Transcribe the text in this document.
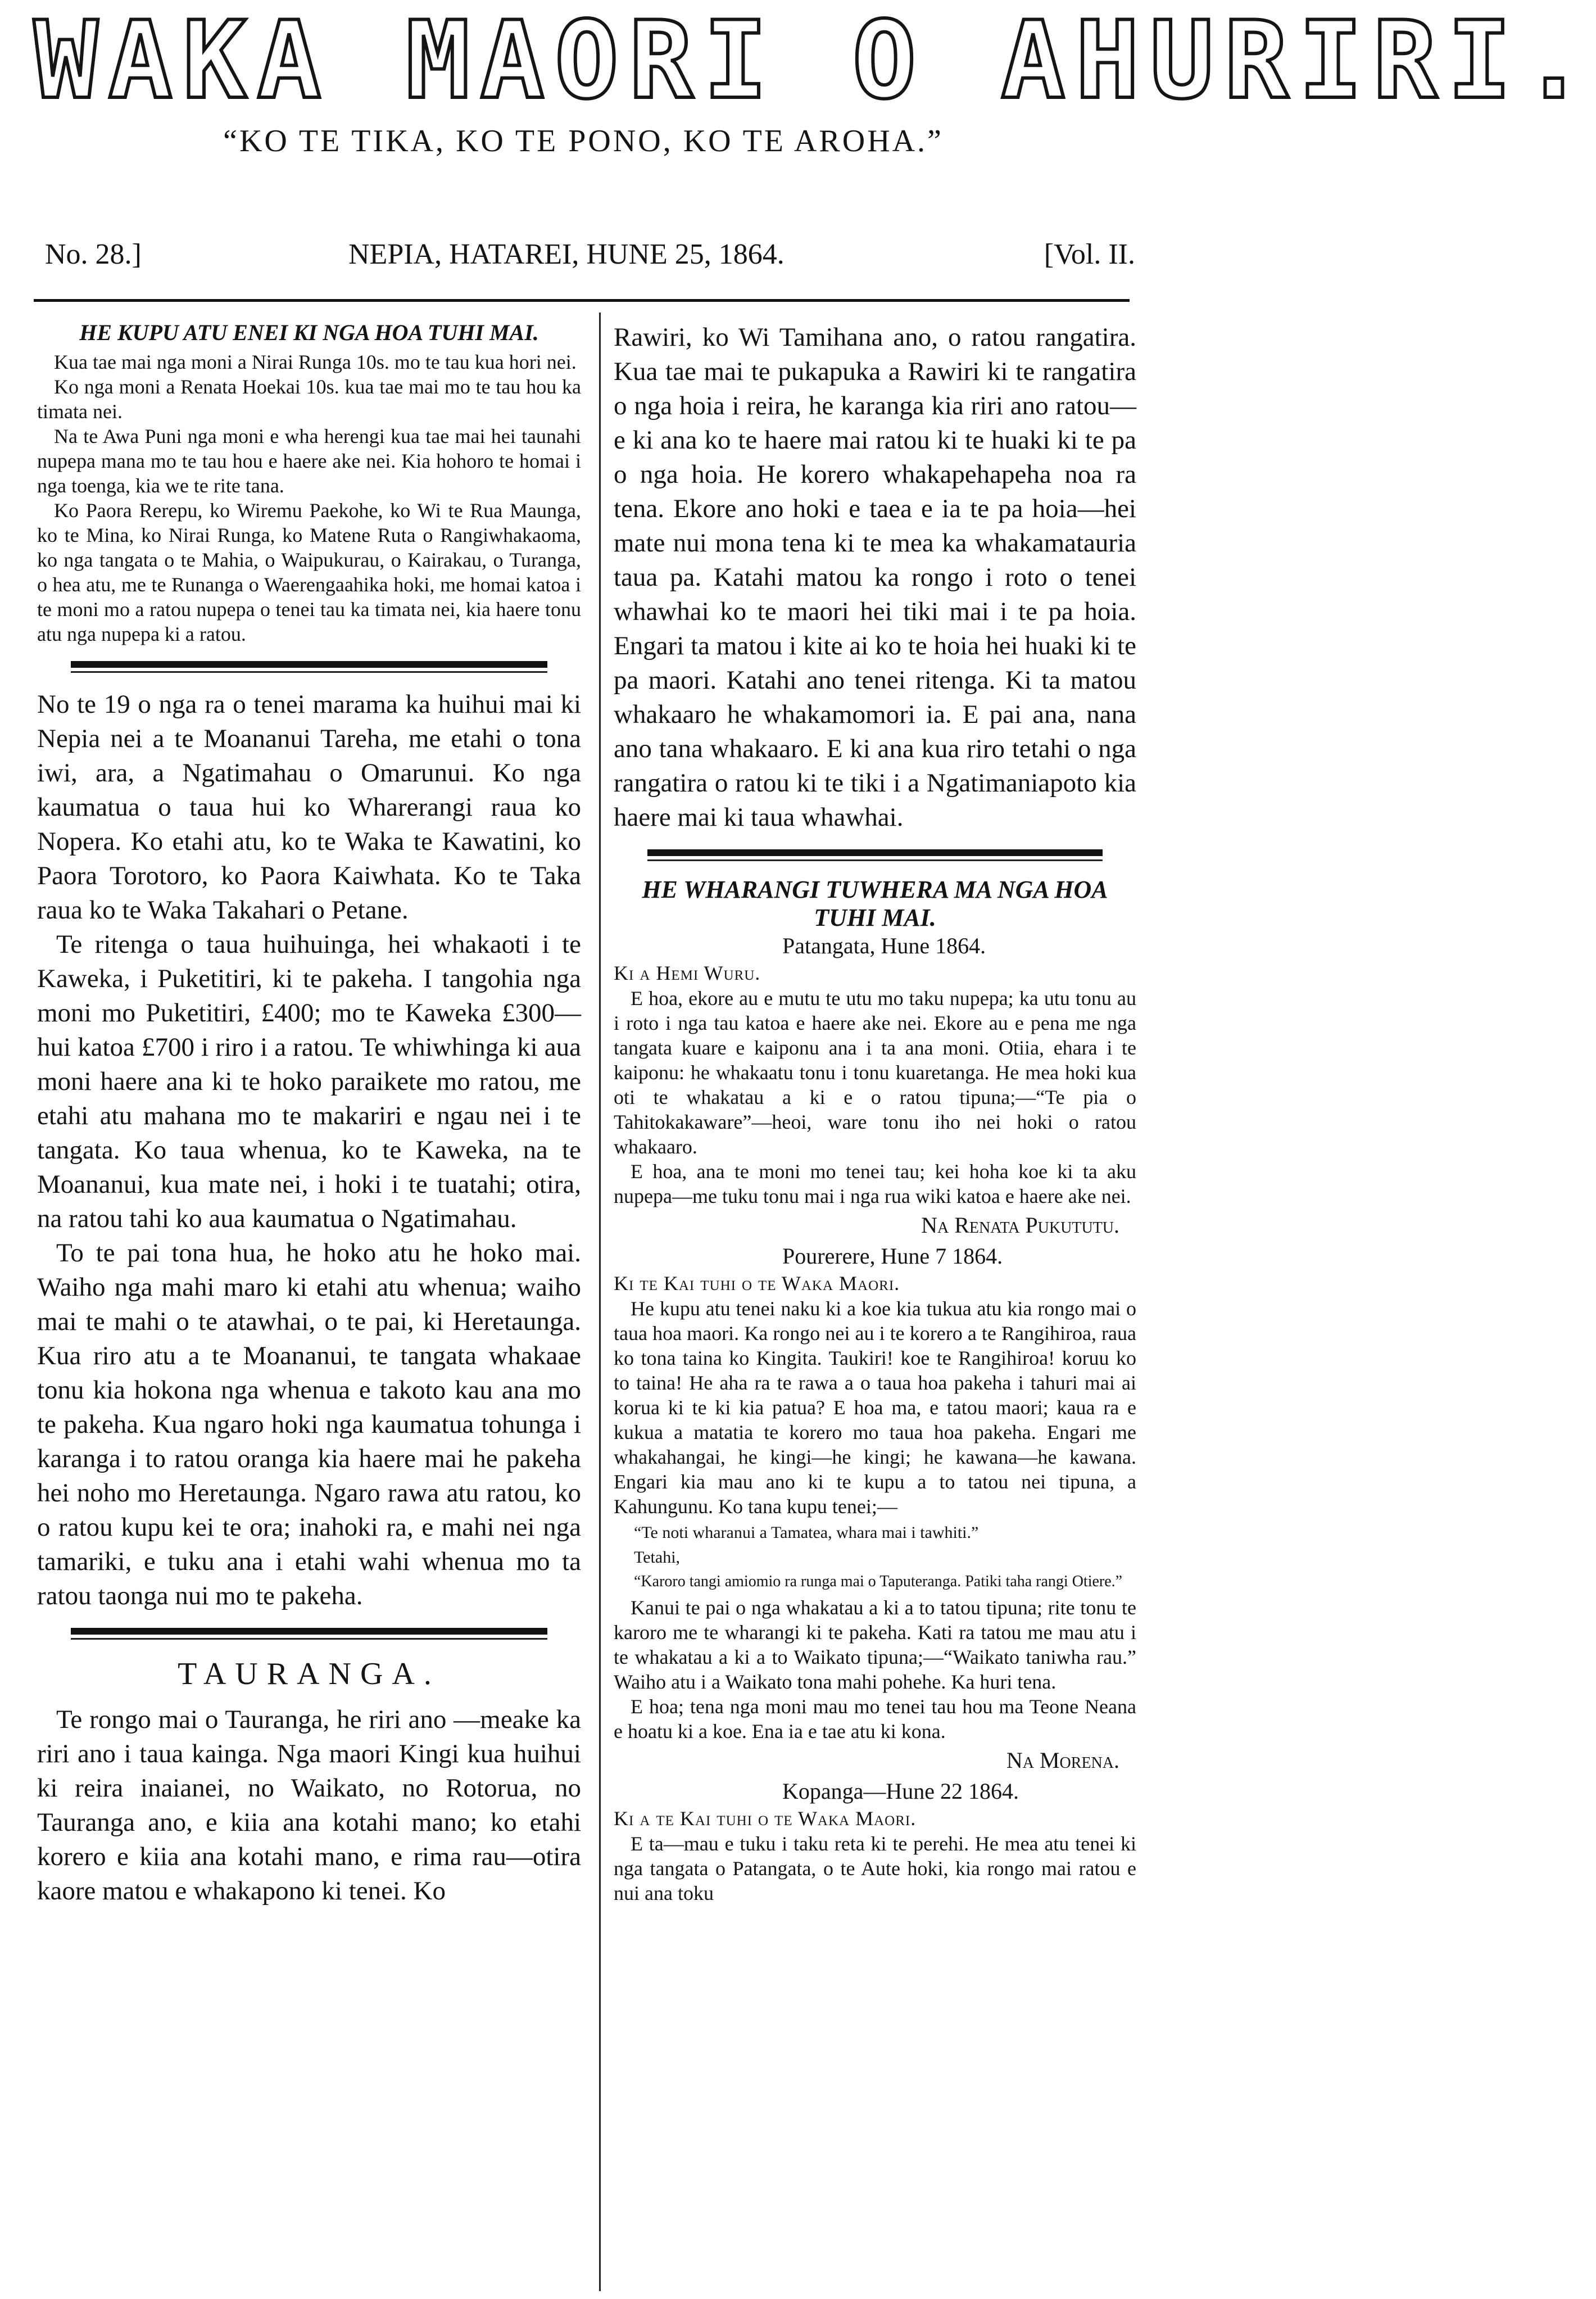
WAKA MAORI O AHURIRI.
“KO TE TIKA, KO TE PONO, KO TE AROHA.”
No. 28.]	NEPIA, HATAREI, HUNE 25, 1864.	[Vol. II.
HE KUPU ATU ENEI KI NGA HOA TUHI MAI.

Kua tae mai nga moni a Nirai Runga 10s. mo te tau kua hori nei.

Ko nga moni a Renata Hoekai 10s. kua tae mai mo te tau hou ka timata nei.

Na te Awa Puni nga moni e wha herengi kua tae mai hei taunahi nupepa mana mo te tau hou e haere ake nei. Kia hohoro te homai i nga toenga, kia we te rite tana.

Ko Paora Rerepu, ko Wiremu Paekohe, ko Wi te Rua Maunga, ko te Mina, ko Nirai Runga, ko Matene Ruta o Rangiwhakaoma, ko nga tangata o te Mahia, o Waipukurau, o Kairakau, o Turanga, o hea atu, me te Runanga o Waerengaahika hoki, me homai katoa i te moni mo a ratou nupepa o tenei tau ka timata nei, kia haere tonu atu nga nupepa ki a ratou.

No te 19 o nga ra o tenei marama ka huihui mai ki Nepia nei a te Moananui Tareha, me etahi o tona iwi, ara, a Ngatimahau o Omarunui. Ko nga kaumatua o taua hui ko Wharerangi raua ko Nopera. Ko etahi atu, ko te Waka te Kawatini, ko Paora Torotoro, ko Paora Kaiwhata. Ko te Taka raua ko te Waka Takahari o Petane.

Te ritenga o taua huihuinga, hei whakaoti i te Kaweka, i Puketitiri, ki te pakeha. I tangohia nga moni mo Puketitiri, £400; mo te Kaweka £300—hui katoa £700 i riro i a ratou. Te whiwhinga ki aua moni haere ana ki te hoko paraikete mo ratou, me etahi atu mahana mo te makariri e ngau nei i te tangata. Ko taua whenua, ko te Kaweka, na te Moananui, kua mate nei, i hoki i te tuatahi; otira, na ratou tahi ko aua kaumatua o Ngatimahau.

To te pai tona hua, he hoko atu he hoko mai. Waiho nga mahi maro ki etahi atu whenua; waiho mai te mahi o te atawhai, o te pai, ki Heretaunga. Kua riro atu a te Moananui, te tangata whakaae tonu kia hokona nga whenua e takoto kau ana mo te pakeha. Kua ngaro hoki nga kaumatua tohunga i karanga i to ratou oranga kia haere mai he pakeha hei noho mo Heretaunga. Ngaro rawa atu ratou, ko o ratou kupu kei te ora; inahoki ra, e mahi nei nga tamariki, e tuku ana i etahi wahi whenua mo ta ratou taonga nui mo te pakeha.

TAURANGA.

Te rongo mai o Tauranga, he riri ano —meake ka riri ano i taua kainga. Nga maori Kingi kua huihui ki reira inaianei, no Waikato, no Rotorua, no Tauranga ano, e kiia ana kotahi mano; ko etahi korero e kiia ana kotahi mano, e rima rau—otira kaore matou e whakapono ki tenei. Ko

Rawiri, ko Wi Tamihana ano, o ratou rangatira. Kua tae mai te pukapuka a Rawiri ki te rangatira o nga hoia i reira, he karanga kia riri ano ratou—e ki ana ko te haere mai ratou ki te huaki ki te pa o nga hoia. He korero whakapehapeha noa ra tena. Ekore ano hoki e taea e ia te pa hoia—hei mate nui mona tena ki te mea ka whakamatauria taua pa. Katahi matou ka rongo i roto o tenei whawhai ko te maori hei tiki mai i te pa hoia. Engari ta matou i kite ai ko te hoia hei huaki ki te pa maori. Katahi ano tenei ritenga. Ki ta matou whakaaro he whakamomori ia. E pai ana, nana ano tana whakaaro. E ki ana kua riro tetahi o nga rangatira o ratou ki te tiki i a Ngatimaniapoto kia haere mai ki taua whawhai.

HE WHARANGI TUWHERA MA NGA HOA TUHI MAI.

Patangata, Hune 1864.

Ki a Hemi Wuru.

E hoa, ekore au e mutu te utu mo taku nupepa; ka utu tonu au i roto i nga tau katoa e haere ake nei. Ekore au e pena me nga tangata kuare e kaiponu ana i ta ana moni. Otiia, ehara i te kaiponu: he whakaatu tonu i tonu kuaretanga. He mea hoki kua oti te whakatau a ki e o ratou tipuna;—“Te pia o Tahitokakaware”—heoi, ware tonu iho nei hoki o ratou whakaaro.

E hoa, ana te moni mo tenei tau; kei hoha koe ki ta aku nupepa—me tuku tonu mai i nga rua wiki katoa e haere ake nei.

Na Renata Pukututu.

Pourerere, Hune 7 1864.

Ki te Kai tuhi o te Waka Maori.

He kupu atu tenei naku ki a koe kia tukua atu kia rongo mai o taua hoa maori. Ka rongo nei au i te korero a te Rangihiroa, raua ko tona taina ko Kingita. Taukiri! koe te Rangihiroa! koruu ko to taina! He aha ra te rawa a o taua hoa pakeha i tahuri mai ai korua ki te ki kia patua? E hoa ma, e tatou maori; kaua ra e kukua a matatia te korero mo taua hoa pakeha. Engari me whakahangai, he kingi—he kingi; he kawana—he kawana. Engari kia mau ano ki te kupu a to tatou nei tipuna, a Kahungunu. Ko tana kupu tenei;—

“Te noti wharanui a Tamatea, whara mai i tawhiti.”

Tetahi,

“Karoro tangi amiomio ra runga mai o Taputeranga. Patiki taha rangi Otiere.”

Kanui te pai o nga whakatau a ki a to tatou tipuna; rite tonu te karoro me te wharangi ki te pakeha. Kati ra tatou me mau atu i te whakatau a ki a to Waikato tipuna;—“Waikato taniwha rau.” Waiho atu i a Waikato tona mahi pohehe. Ka huri tena.

E hoa; tena nga moni mau mo tenei tau hou ma Teone Neana e hoatu ki a koe. Ena ia e tae atu ki kona.

Na Morena.

Kopanga—Hune 22 1864.

Ki a te Kai tuhi o te Waka Maori.

E ta—mau e tuku i taku reta ki te perehi. He mea atu tenei ki nga tangata o Patangata, o te Aute hoki, kia rongo mai ratou e nui ana toku
